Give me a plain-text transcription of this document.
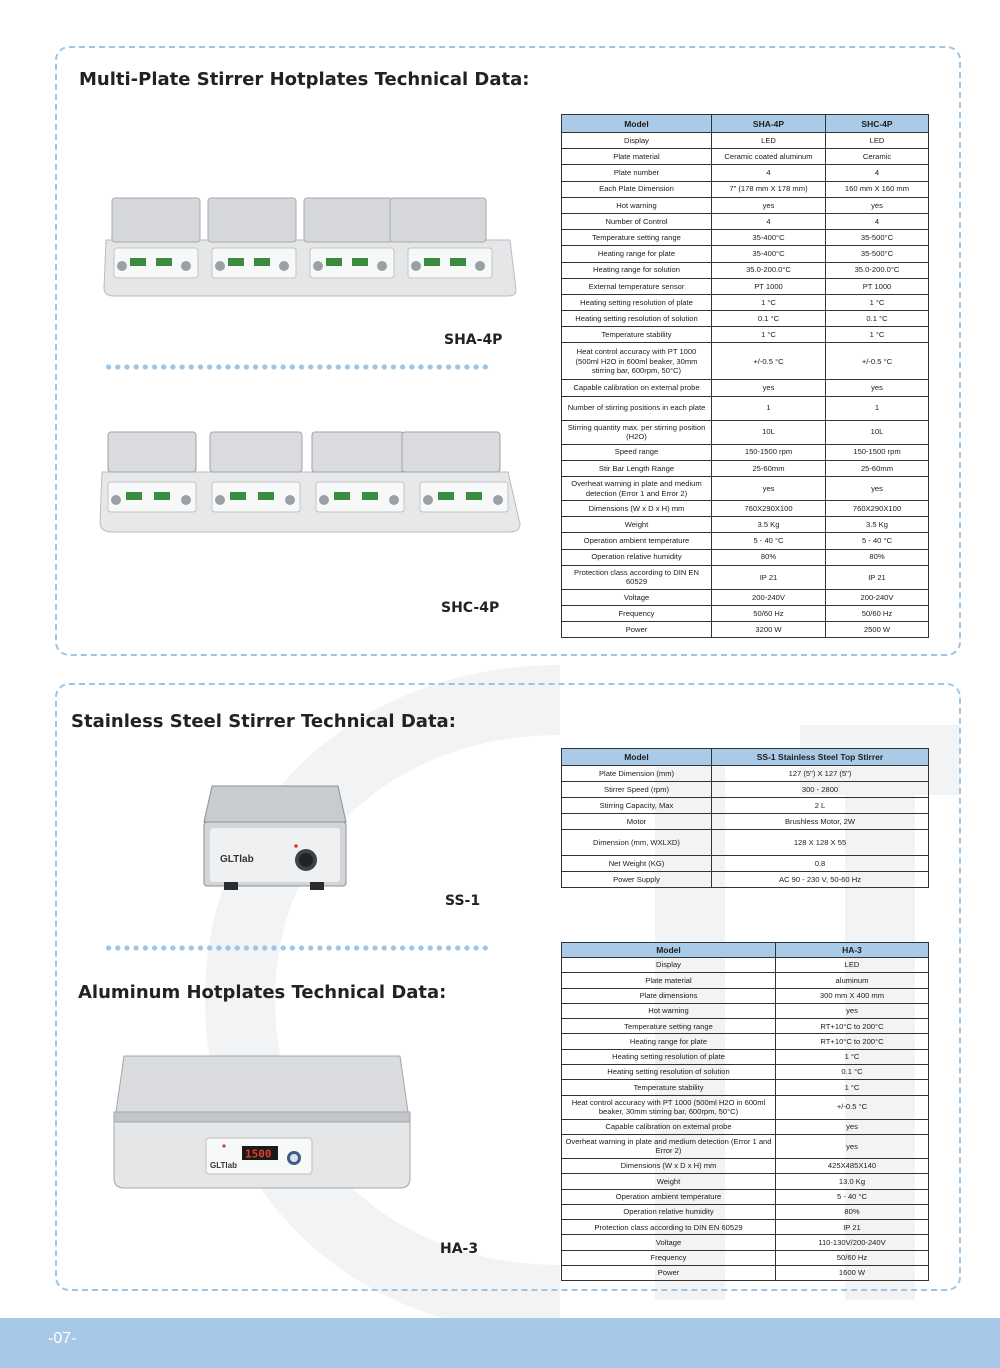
Multi-Plate Stirrer Hotplates Technical Data:
SHA-4P
SHC-4P
Model	SHA-4P	SHC-4P
Display	LED	LED
Plate material	Ceramic coated aluminum	Ceramic
Plate number	4	4
Each Plate Dimension	7" (178 mm X 178 mm)	160 mm X 160 mm
Hot warning	yes	yes
Number of Control	4	4
Temperature setting range	35-400°C	35-500°C
Heating range for plate	35-400°C	35-500°C
Heating range for solution	35.0-200.0°C	35.0-200.0°C
External temperature sensor	PT 1000	PT 1000
Heating setting resolution of plate	1 °C	1 °C
Heating setting resolution of solution	0.1 °C	0.1 °C
Temperature stability	1 °C	1 °C
Heat control accuracy with PT 1000 (500ml H2O in 600ml beaker, 30mm stirring bar, 600rpm, 50°C)	+/-0.5 °C	+/-0.5 °C
Capable calibration on external probe	yes	yes
Number of stirring positions in each plate	1	1
Stirring quantity max. per stirring position (H2O)	10L	10L
Speed range	150-1500 rpm	150-1500 rpm
Stir Bar Length Range	25-60mm	25-60mm
Overheat warning in plate and medium detection (Error 1 and Error 2)	yes	yes
Dimensions (W x D x H) mm	760X290X100	760X290X100
Weight	3.5 Kg	3.5 Kg
Operation ambient temperature	5 - 40 °C	5 - 40 °C
Operation relative humidity	80%	80%
Protection class according to DIN EN 60529	IP 21	IP 21
Voltage	200-240V	200-240V
Frequency	50/60 Hz	50/60 Hz
Power	3200 W	2500 W
Stainless Steel Stirrer Technical Data:
GLTlab
SS-1
Model	SS-1 Stainless Steel Top Stirrer
Plate Dimension (mm)	127 (5") X 127 (5")
Stirrer Speed (rpm)	300 - 2800
Stirring Capacity, Max	2 L
Motor	Brushless Motor, 2W
Dimension (mm, WXLXD)	128 X 128 X 55
Net Weight (KG)	0.8
Power Supply	AC 90 - 230 V, 50-60 Hz
Aluminum Hotplates Technical Data:
1500
GLTlab
HA-3
Model	HA-3
Display	LED
Plate material	aluminum
Plate dimensions	300 mm X 400 mm
Hot warning	yes
Temperature setting range	RT+10°C to 200°C
Heating range for plate	RT+10°C to 200°C
Heating setting resolution of plate	1 °C
Heating setting resolution of solution	0.1 °C
Temperature stability	1 °C
Heat control accuracy with PT 1000 (500ml H2O in 600ml beaker, 30mm stirring bar, 600rpm, 50°C)	+/-0.5 °C
Capable calibration on external probe	yes
Overheat warning in plate and medium detection (Error 1 and Error 2)	yes
Dimensions (W x D x H) mm	425X485X140
Weight	13.0 Kg
Operation ambient temperature	5 - 40 °C
Operation relative humidity	80%
Protection class according to DIN EN 60529	IP 21
Voltage	110-130V/200-240V
Frequency	50/60 Hz
Power	1600 W
-07-
